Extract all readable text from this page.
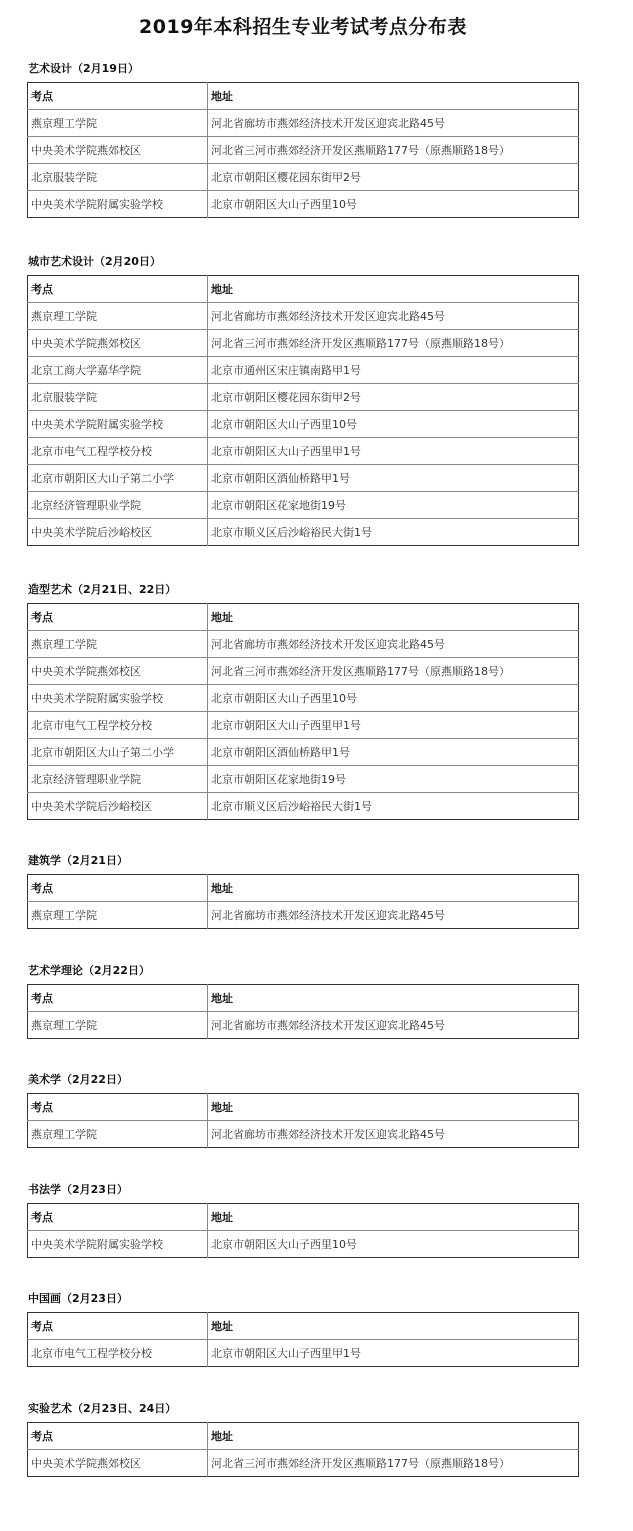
2019年本科招生专业考试考点分布表
艺术设计（2月19日）
考点	地址
燕京理工学院	河北省廊坊市燕郊经济技术开发区迎宾北路45号
中央美术学院燕郊校区	河北省三河市燕郊经济开发区燕顺路177号（原燕顺路18号）
北京服装学院	北京市朝阳区樱花园东街甲2号
中央美术学院附属实验学校	北京市朝阳区大山子西里10号
城市艺术设计（2月20日）
考点	地址
燕京理工学院	河北省廊坊市燕郊经济技术开发区迎宾北路45号
中央美术学院燕郊校区	河北省三河市燕郊经济开发区燕顺路177号（原燕顺路18号）
北京工商大学嘉华学院	北京市通州区宋庄镇南路甲1号
北京服装学院	北京市朝阳区樱花园东街甲2号
中央美术学院附属实验学校	北京市朝阳区大山子西里10号
北京市电气工程学校分校	北京市朝阳区大山子西里甲1号
北京市朝阳区大山子第二小学	北京市朝阳区酒仙桥路甲1号
北京经济管理职业学院	北京市朝阳区花家地街19号
中央美术学院后沙峪校区	北京市顺义区后沙峪裕民大街1号
造型艺术（2月21日、22日）
考点	地址
燕京理工学院	河北省廊坊市燕郊经济技术开发区迎宾北路45号
中央美术学院燕郊校区	河北省三河市燕郊经济开发区燕顺路177号（原燕顺路18号）
中央美术学院附属实验学校	北京市朝阳区大山子西里10号
北京市电气工程学校分校	北京市朝阳区大山子西里甲1号
北京市朝阳区大山子第二小学	北京市朝阳区酒仙桥路甲1号
北京经济管理职业学院	北京市朝阳区花家地街19号
中央美术学院后沙峪校区	北京市顺义区后沙峪裕民大街1号
建筑学（2月21日）
考点	地址
燕京理工学院	河北省廊坊市燕郊经济技术开发区迎宾北路45号
艺术学理论（2月22日）
考点	地址
燕京理工学院	河北省廊坊市燕郊经济技术开发区迎宾北路45号
美术学（2月22日）
考点	地址
燕京理工学院	河北省廊坊市燕郊经济技术开发区迎宾北路45号
书法学（2月23日）
考点	地址
中央美术学院附属实验学校	北京市朝阳区大山子西里10号
中国画（2月23日）
考点	地址
北京市电气工程学校分校	北京市朝阳区大山子西里甲1号
实验艺术（2月23日、24日）
考点	地址
中央美术学院燕郊校区	河北省三河市燕郊经济开发区燕顺路177号（原燕顺路18号）
